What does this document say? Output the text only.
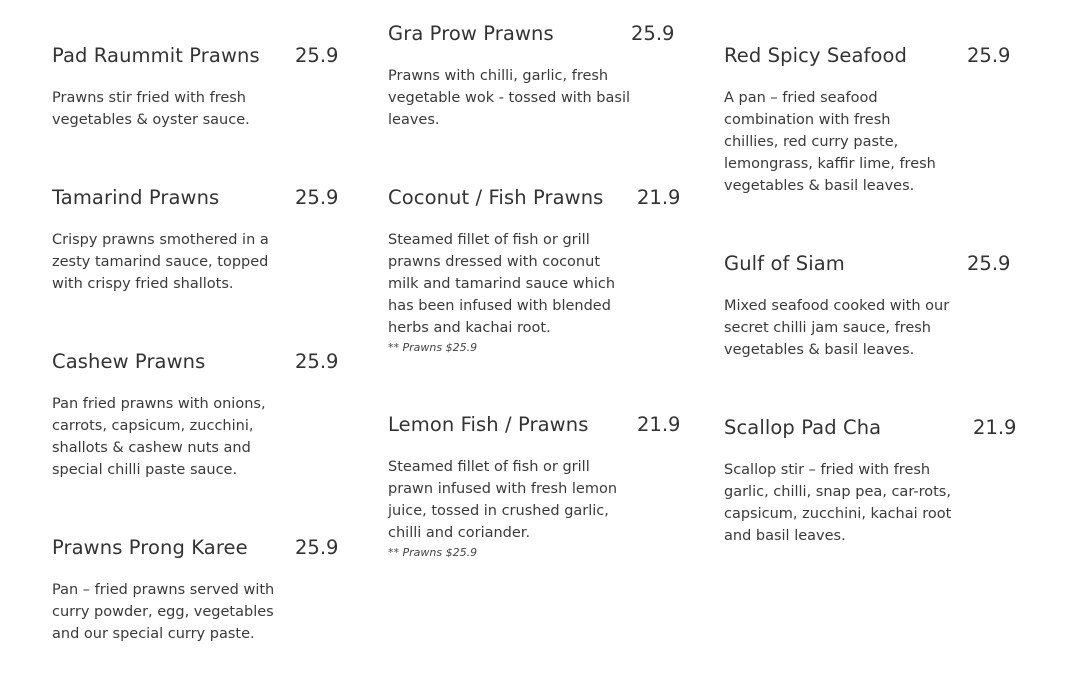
Pad Raummit Prawns 25.9

Prawns stir fried with fresh vegetables & oyster sauce.

Tamarind Prawns	25.9

Crispy prawns smothered in a zesty tamarind sauce, topped with crispy fried shallots.

Cashew Prawns	25.9

Pan fried prawns with onions, carrots, capsicum, zucchini, shallots & cashew nuts and special chilli paste sauce.

Prawns Prong Karee 25.9

Pan – fried prawns served with curry powder, egg, vegetables and our special curry paste.

Gra Prow Prawns	25.9

Prawns with chilli, garlic, fresh vegetable wok - tossed with basil leaves.

Coconut / Fish Prawns 21.9

Steamed fillet of fish or grill prawns dressed with coconut milk and tamarind sauce which has been infused with blended herbs and kachai root.

** Prawns $25.9
Lemon Fish / Prawns 21.9

Steamed fillet of fish or grill prawn infused with fresh lemon juice, tossed in crushed garlic, chilli and coriander.

** Prawns $25.9
Red Spicy Seafood	25.9

A pan – fried seafood combination with fresh chillies, red curry paste, lemongrass, kaffir lime, fresh vegetables & basil leaves.

Gulf of Siam	25.9

Mixed seafood cooked with our secret chilli jam sauce, fresh vegetables & basil leaves.

Scallop Pad Cha	21.9

Scallop stir – fried with fresh garlic, chilli, snap pea, car-rots, capsicum, zucchini, kachai root and basil leaves.
